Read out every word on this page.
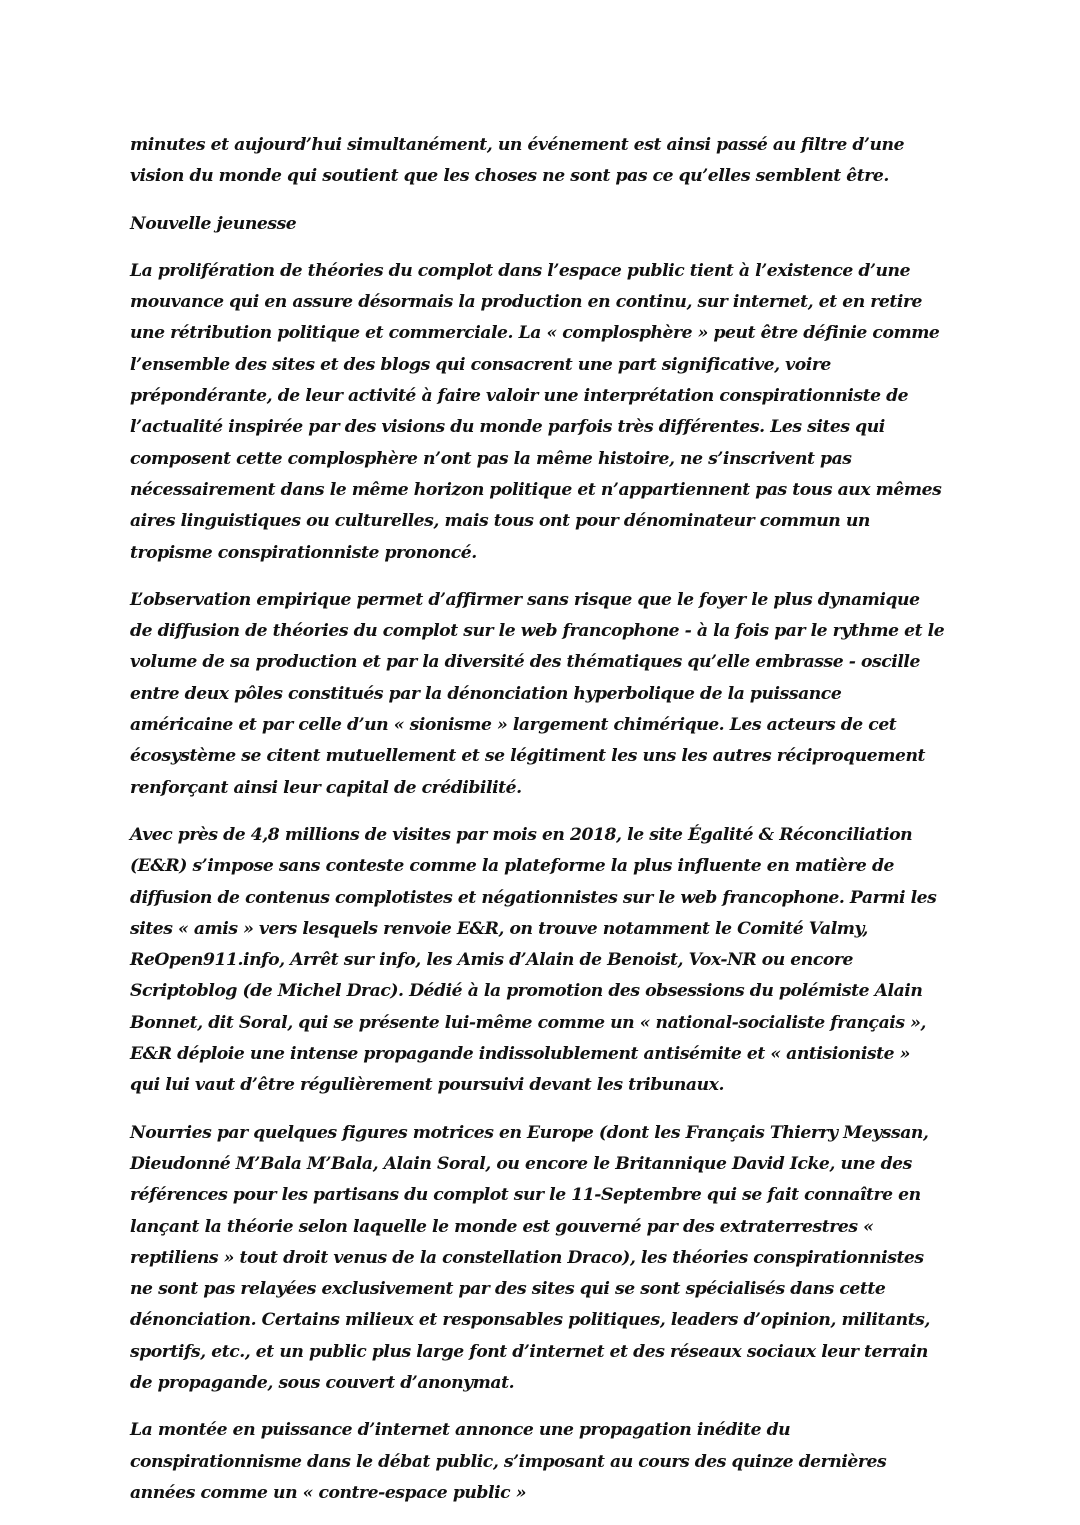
minutes et aujourd’hui simultanément, un événement est ainsi passé au filtre d’une vision du monde qui soutient que les choses ne sont pas ce qu’elles semblent être.

Nouvelle jeunesse

La prolifération de théories du complot dans l’espace public tient à l’existence d’une mouvance qui en assure désormais la production en continu, sur internet, et en retire une rétribution politique et commerciale. La « complosphère » peut être définie comme l’ensemble des sites et des blogs qui consacrent une part significative, voire prépondérante, de leur activité à faire valoir une interprétation conspirationniste de l’actualité inspirée par des visions du monde parfois très différentes. Les sites qui composent cette complosphère n’ont pas la même histoire, ne s’inscrivent pas nécessairement dans le même horizon politique et n’appartiennent pas tous aux mêmes aires linguistiques ou culturelles, mais tous ont pour dénominateur commun un tropisme conspirationniste prononcé.

L’observation empirique permet d’affirmer sans risque que le foyer le plus dynamique de diffusion de théories du complot sur le web francophone - à la fois par le rythme et le volume de sa production et par la diversité des thématiques qu’elle embrasse - oscille entre deux pôles constitués par la dénonciation hyperbolique de la puissance américaine et par celle d’un « sionisme » largement chimérique. Les acteurs de cet écosystème se citent mutuellement et se légitiment les uns les autres réciproquement renforçant ainsi leur capital de crédibilité.

Avec près de 4,8 millions de visites par mois en 2018, le site Égalité & Réconciliation (E&R) s’impose sans conteste comme la plateforme la plus influente en matière de diffusion de contenus complotistes et négationnistes sur le web francophone. Parmi les sites « amis » vers lesquels renvoie E&R, on trouve notamment le Comité Valmy, ReOpen911.info, Arrêt sur info, les Amis d’Alain de Benoist, Vox-NR ou encore Scriptoblog (de Michel Drac). Dédié à la promotion des obsessions du polémiste Alain Bonnet, dit Soral, qui se présente lui-même comme un « national-socialiste français », E&R déploie une intense propagande indissolublement antisémite et « antisioniste » qui lui vaut d’être régulièrement poursuivi devant les tribunaux.

Nourries par quelques figures motrices en Europe (dont les Français Thierry Meyssan, Dieudonné M’Bala M’Bala, Alain Soral, ou encore le Britannique David Icke, une des références pour les partisans du complot sur le 11-Septembre qui se fait connaître en lançant la théorie selon laquelle le monde est gouverné par des extraterrestres « reptiliens » tout droit venus de la constellation Draco), les théories conspirationnistes ne sont pas relayées exclusivement par des sites qui se sont spécialisés dans cette dénonciation. Certains milieux et responsables politiques, leaders d’opinion, militants, sportifs, etc., et un public plus large font d’internet et des réseaux sociaux leur terrain de propagande, sous couvert d’anonymat.

La montée en puissance d’internet annonce une propagation inédite du conspirationnisme dans le débat public, s’imposant au cours des quinze dernières années comme un « contre-espace public »
